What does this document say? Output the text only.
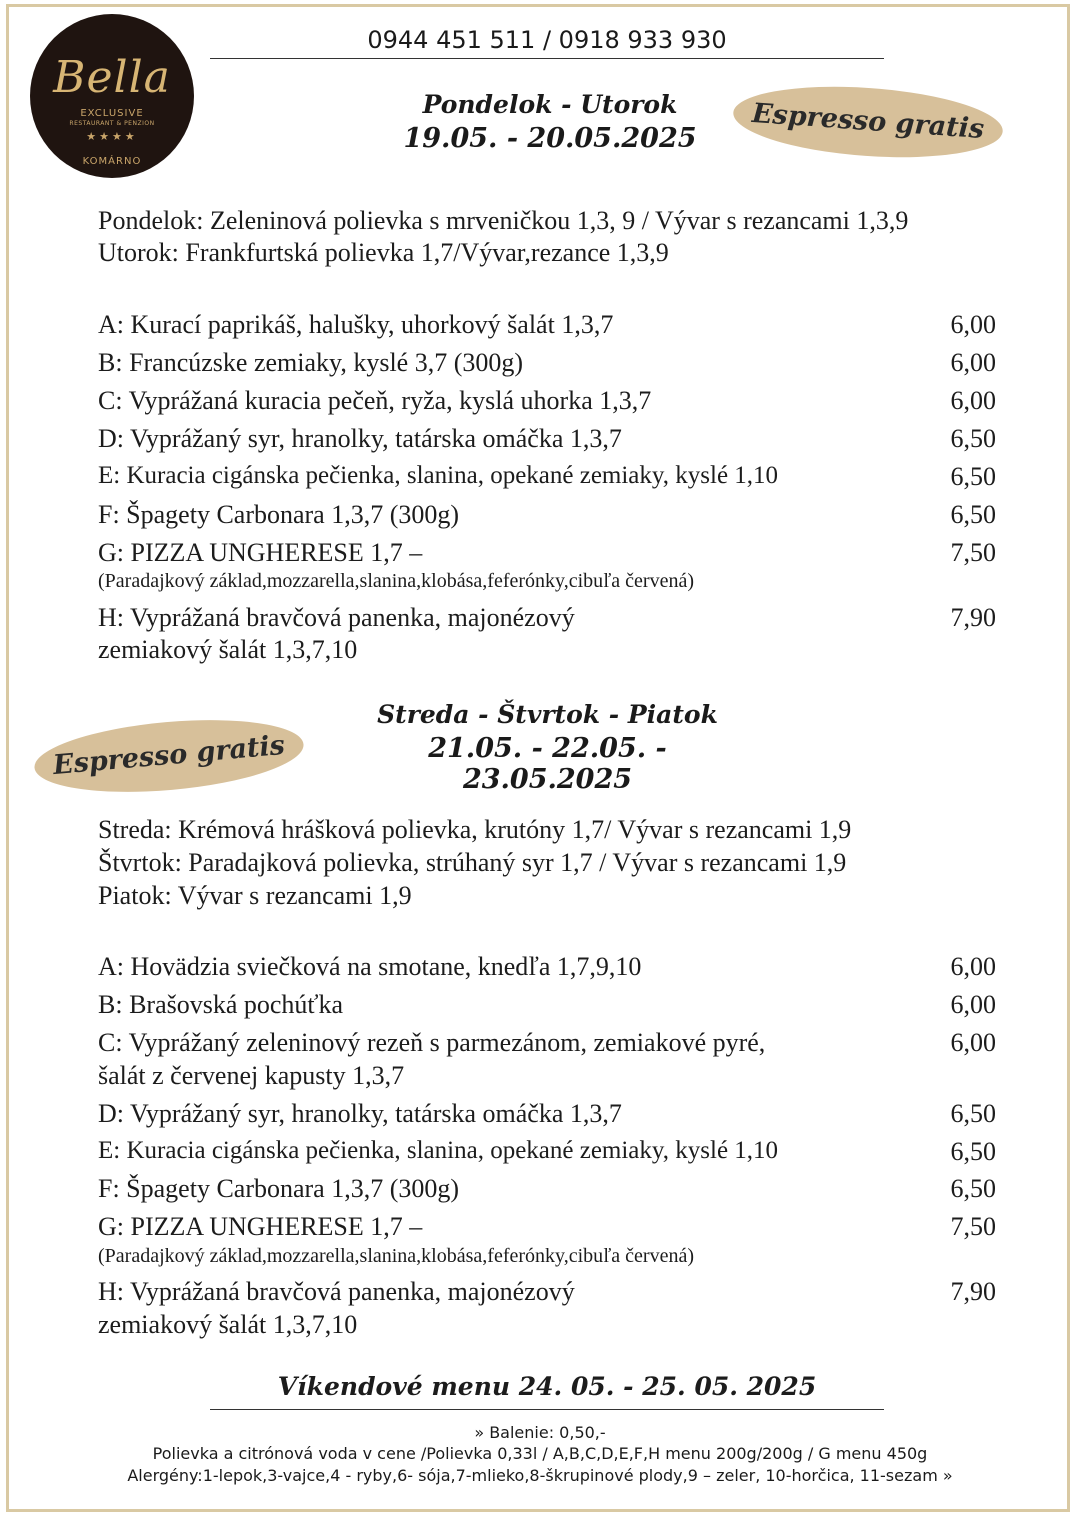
Bella
EXCLUSIVE
RESTAURANT & PENZION
★★★★
KOMÁRNO
0944 451 511 / 0918 933 930
Pondelok - Utorok
19.05. - 20.05.2025	Espresso gratis
Pondelok: Zeleninová polievka s mrveničkou 1,3, 9 / Vývar s rezancami 1,3,9
Utorok: Frankfurtská polievka 1,7/Vývar,rezance 1,3,9
A: Kurací paprikáš, halušky, uhorkový šalát 1,3,7	6,00
B: Francúzske zemiaky, kyslé 3,7 (300g)	6,00
C: Vyprážaná kuracia pečeň, ryža, kyslá uhorka 1,3,7	6,00
D: Vyprážaný syr, hranolky, tatárska omáčka 1,3,7	6,50
E: Kuracia cigánska pečienka, slanina, opekané zemiaky, kyslé 1,10	6,50
F: Špagety Carbonara 1,3,7 (300g)	6,50
G: PIZZA UNGHERESE 1,7 –	7,50
(Paradajkový základ,mozzarella,slanina,klobása,feferónky,cibuľa červená)
H: Vyprážaná bravčová panenka, majonézový	7,90
zemiakový šalát 1,3,7,10
Streda - Štvrtok - Piatok
21.05. - 22.05. - 23.05.2025
Espresso gratis
Streda: Krémová hrášková polievka, krutóny 1,7/ Vývar s rezancami 1,9
Štvrtok: Paradajková polievka, strúhaný syr 1,7 / Vývar s rezancami 1,9
Piatok: Vývar s rezancami 1,9
A: Hovädzia sviečková na smotane, knedľa 1,7,9,10	6,00
B: Brašovská pochúťka	6,00
C: Vyprážaný zeleninový rezeň s parmezánom, zemiakové pyré,	6,00
šalát z červenej kapusty 1,3,7
D: Vyprážaný syr, hranolky, tatárska omáčka 1,3,7	6,50
E: Kuracia cigánska pečienka, slanina, opekané zemiaky, kyslé 1,10	6,50
F: Špagety Carbonara 1,3,7 (300g)	6,50
G: PIZZA UNGHERESE 1,7 –	7,50
(Paradajkový základ,mozzarella,slanina,klobása,feferónky,cibuľa červená)
H: Vyprážaná bravčová panenka, majonézový	7,90
zemiakový šalát 1,3,7,10
Víkendové menu 24. 05. - 25. 05. 2025
» Balenie: 0,50,-
Polievka a citrónová voda v cene /Polievka 0,33l / A,B,C,D,E,F,H menu 200g/200g / G menu 450g
Alergény:1-lepok,3-vajce,4 - ryby,6- sója,7-mlieko,8-škrupinové plody,9 – zeler, 10-horčica, 11-sezam »
